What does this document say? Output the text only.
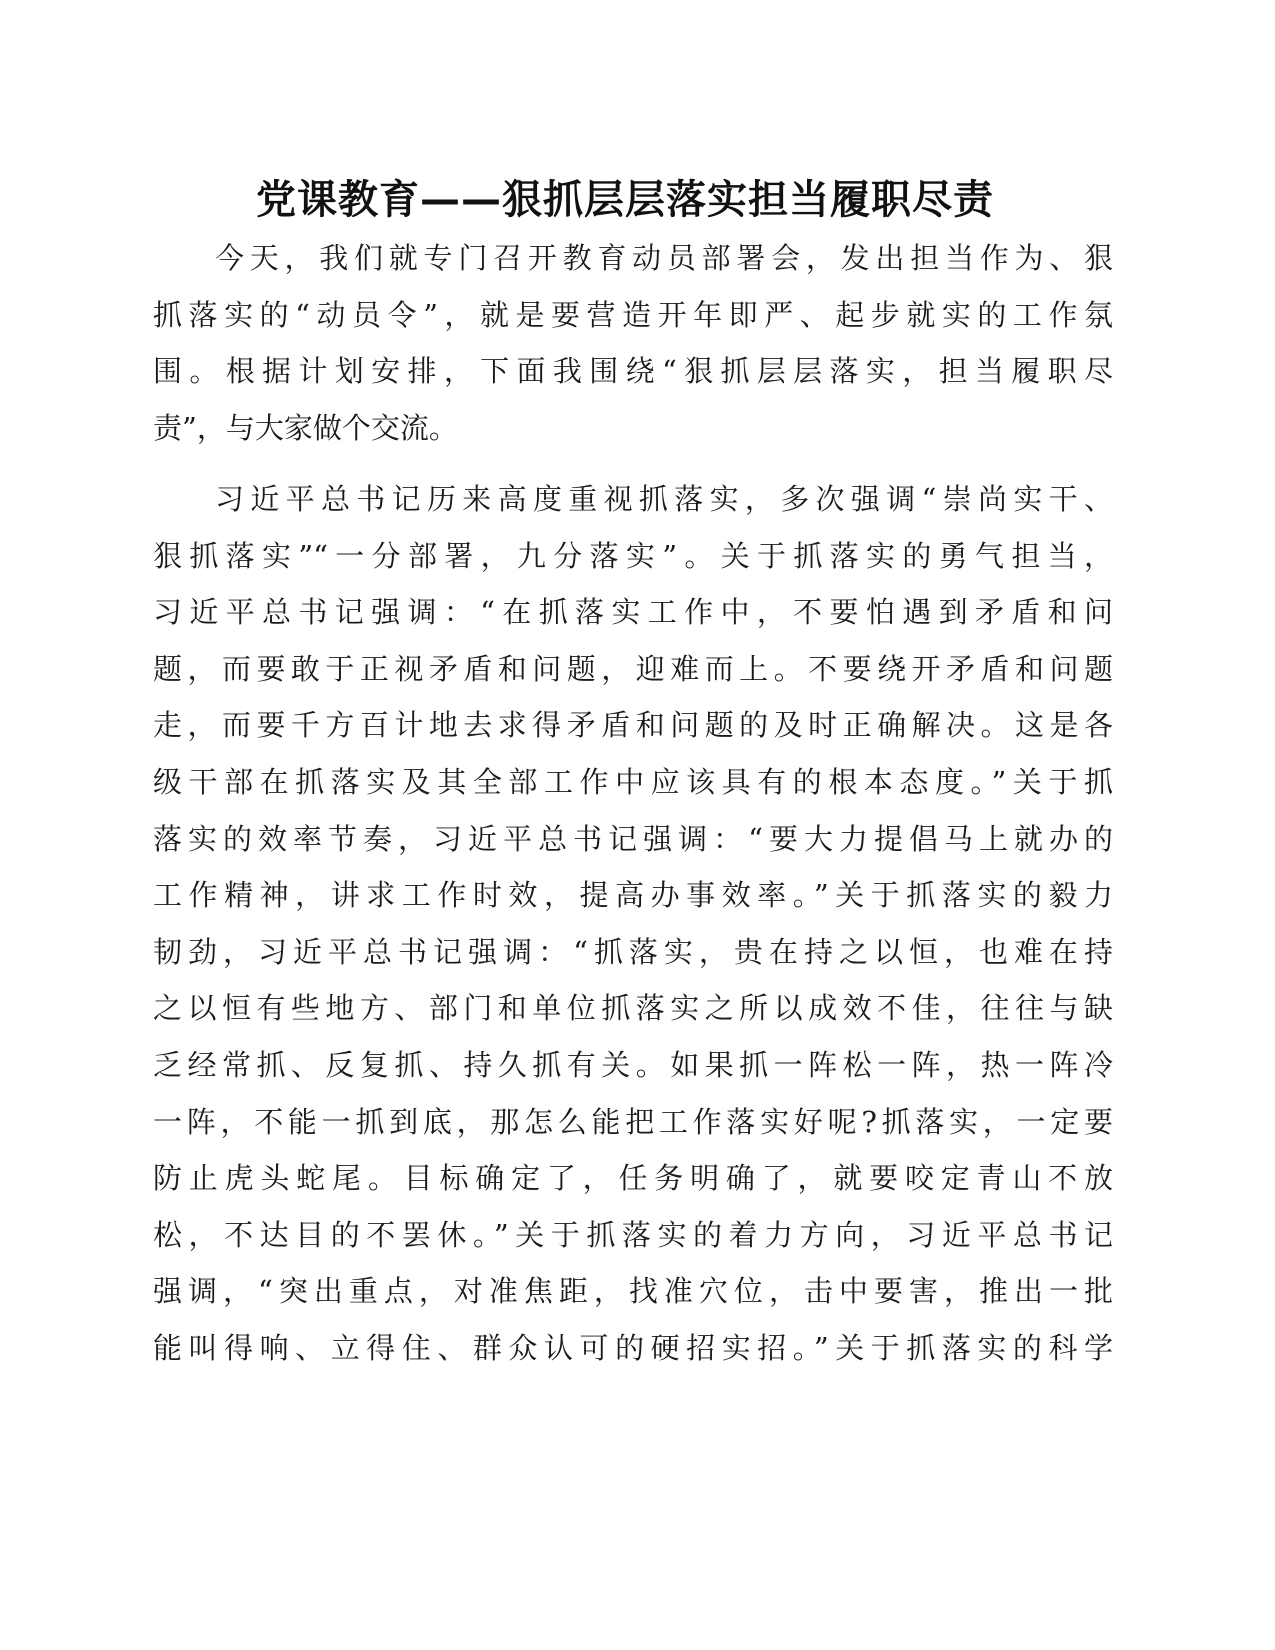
党课教育——狠抓层层落实担当履职尽责
今天，我们就专门召开教育动员部署会，发出担当作为、狠
抓落实的“动员令”，就是要营造开年即严、起步就实的工作氛
围。根据计划安排，下面我围绕“狠抓层层落实，担当履职尽
责”，与大家做个交流。
习近平总书记历来高度重视抓落实，多次强调“崇尚实干、
狠抓落实”“一分部署，九分落实”。关于抓落实的勇气担当，
习近平总书记强调：“在抓落实工作中，不要怕遇到矛盾和问
题，而要敢于正视矛盾和问题，迎难而上。不要绕开矛盾和问题
走，而要千方百计地去求得矛盾和问题的及时正确解决。这是各
级干部在抓落实及其全部工作中应该具有的根本态度。”关于抓
落实的效率节奏，习近平总书记强调：“要大力提倡马上就办的
工作精神，讲求工作时效，提高办事效率。”关于抓落实的毅力
韧劲，习近平总书记强调：“抓落实，贵在持之以恒，也难在持
之以恒有些地方、部门和单位抓落实之所以成效不佳，往往与缺
乏经常抓、反复抓、持久抓有关。如果抓一阵松一阵，热一阵冷
一阵，不能一抓到底，那怎么能把工作落实好呢?抓落实，一定要
防止虎头蛇尾。目标确定了，任务明确了，就要咬定青山不放
松，不达目的不罢休。”关于抓落实的着力方向，习近平总书记
强调，“突出重点，对准焦距，找准穴位，击中要害，推出一批
能叫得响、立得住、群众认可的硬招实招。”关于抓落实的科学
